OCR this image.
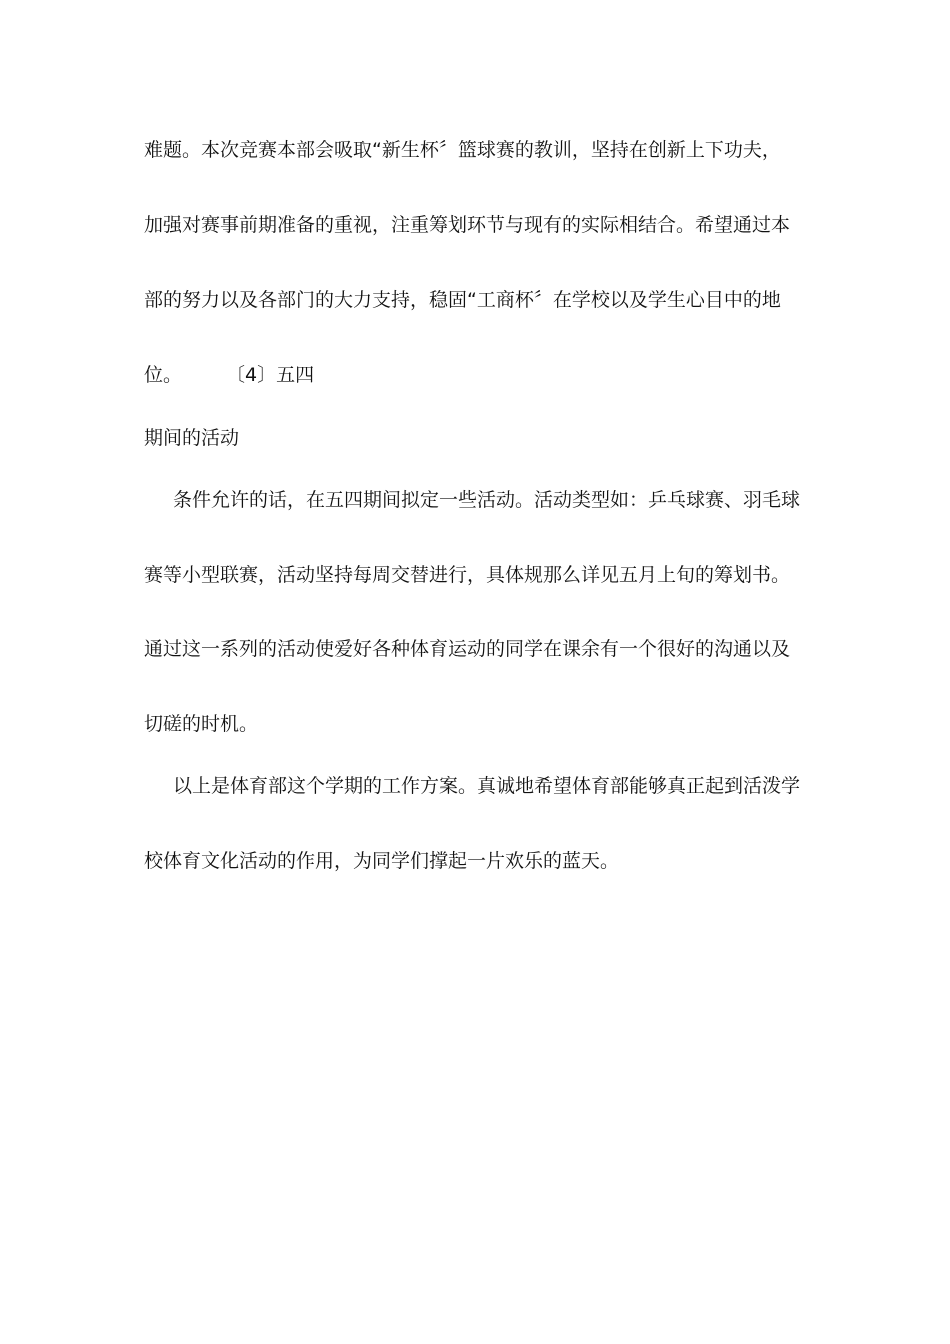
难题。本次竞赛本部会吸取“新生杯〞篮球赛的教训，坚持在创新上下功夫，
加强对赛事前期准备的重视，注重筹划环节与现有的实际相结合。希望通过本
部的努力以及各部门的大力支持，稳固“工商杯〞在学校以及学生心目中的地
位。 〔4〕五四
期间的活动
条件允许的话，在五四期间拟定一些活动。活动类型如：乒乓球赛、羽毛球
赛等小型联赛，活动坚持每周交替进行，具体规那么详见五月上旬的筹划书。
通过这一系列的活动使爱好各种体育运动的同学在课余有一个很好的沟通以及
切磋的时机。
以上是体育部这个学期的工作方案。真诚地希望体育部能够真正起到活泼学
校体育文化活动的作用，为同学们撑起一片欢乐的蓝天。
